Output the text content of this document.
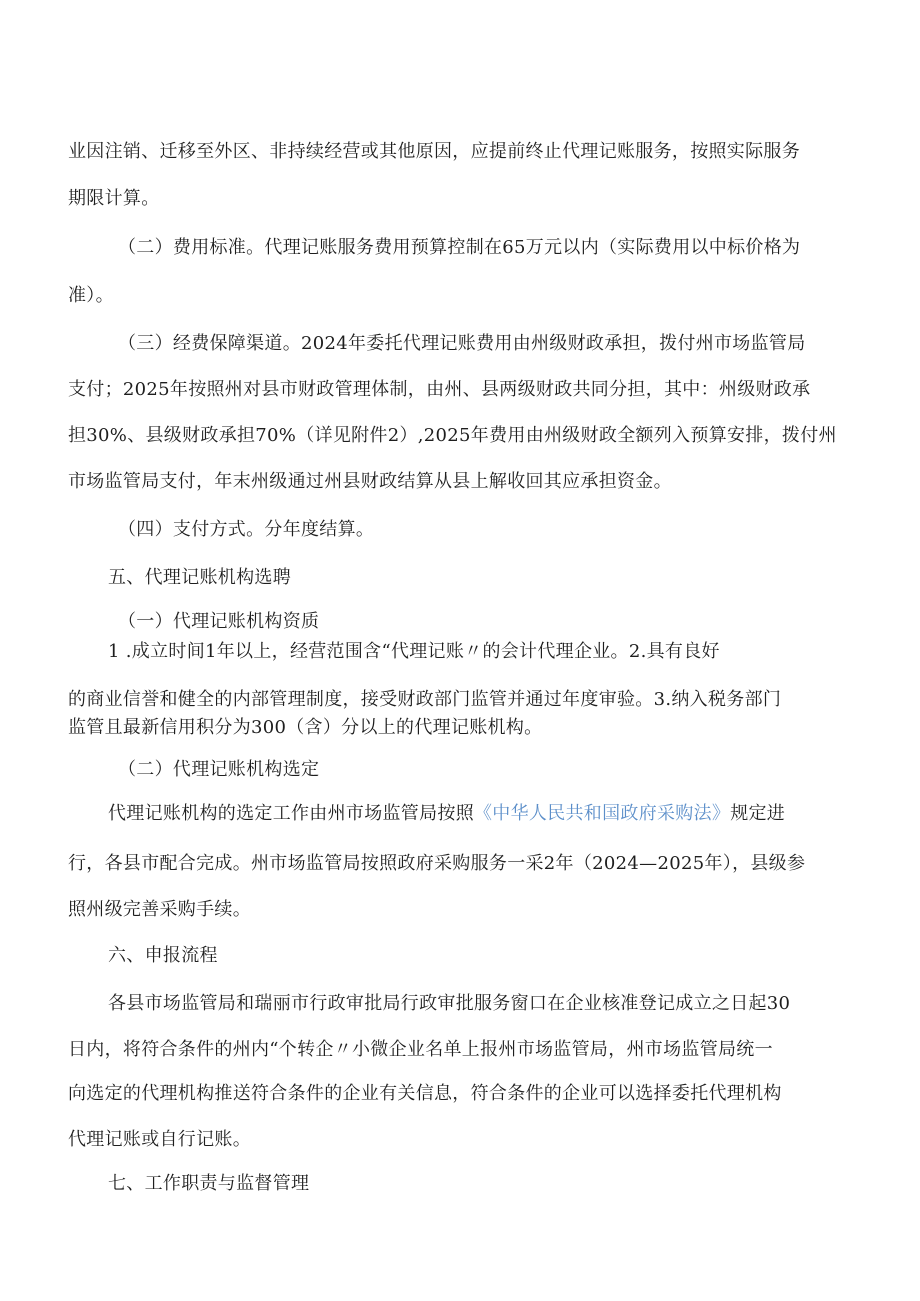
业因注销、迁移至外区、非持续经营或其他原因，应提前终止代理记账服务，按照实际服务
期限计算。
（二）费用标准。代理记账服务费用预算控制在65万元以内（实际费用以中标价格为
准）。
（三）经费保障渠道。2024年委托代理记账费用由州级财政承担，拨付州市场监管局
支付；2025年按照州对县市财政管理体制，由州、县两级财政共同分担，其中：州级财政承
担30%、县级财政承担70%（详见附件2）,2025年费用由州级财政全额列入预算安排，拨付州
市场监管局支付，年末州级通过州县财政结算从县上解收回其应承担资金。
（四）支付方式。分年度结算。
五、代理记账机构选聘
（一）代理记账机构资质
1 .成立时间1年以上，经营范围含“代理记账〃的会计代理企业。2.具有良好
的商业信誉和健全的内部管理制度，接受财政部门监管并通过年度审验。3.纳入税务部门
监管且最新信用积分为300（含）分以上的代理记账机构。
（二）代理记账机构选定
代理记账机构的选定工作由州市场监管局按照《中华人民共和国政府采购法》规定进
行，各县市配合完成。州市场监管局按照政府采购服务一采2年（2024—2025年），县级参
照州级完善采购手续。
六、申报流程
各县市场监管局和瑞丽市行政审批局行政审批服务窗口在企业核准登记成立之日起30
日内，将符合条件的州内“个转企〃小微企业名单上报州市场监管局，州市场监管局统一
向选定的代理机构推送符合条件的企业有关信息，符合条件的企业可以选择委托代理机构
代理记账或自行记账。
七、工作职责与监督管理
